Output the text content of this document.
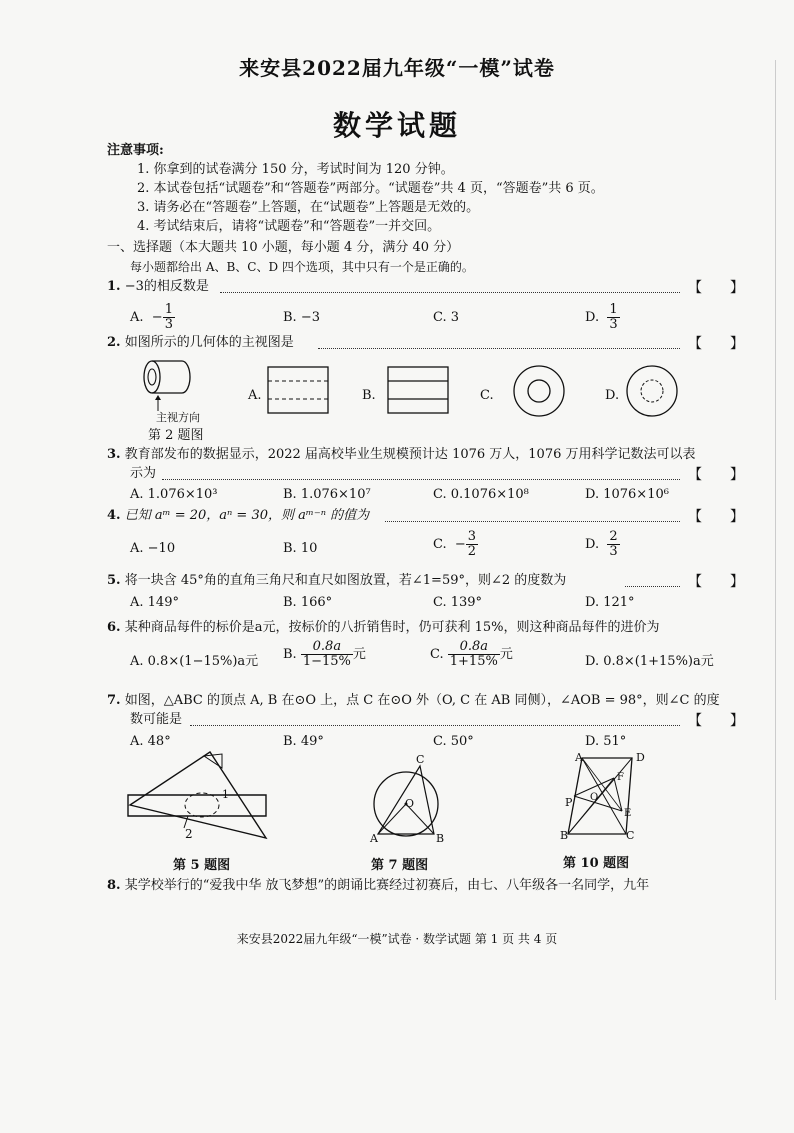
来安县2022届九年级“一模”试卷
数学试题
注意事项:
1. 你拿到的试卷满分 150 分，考试时间为 120 分钟。
2. 本试卷包括“试题卷”和“答题卷”两部分。“试题卷”共 4 页，“答题卷”共 6 页。
3. 请务必在“答题卷”上答题，在“试题卷”上答题是无效的。
4. 考试结束后，请将“试题卷”和“答题卷”一并交回。
一、选择题（本大题共 10 小题，每小题 4 分，满分 40 分）
每小题都给出 A、B、C、D 四个选项，其中只有一个是正确的。
1. −3的相反数是	【 】
A. − $\frac{1}{3}$	B. −3	C. 3	D. $\frac{1}{3}$
2. 如图所示的几何体的主视图是	【 】
主视方向
第 2 题图
A.	B.	C.	D.
3. 教育部发布的数据显示，2022 届高校毕业生规模预计达 1076 万人，1076 万用科学记数法可以表
示为	【 】
A. 1.076×10³	B. 1.076×10⁷	C. 0.1076×10⁸	D. 1076×10⁶
4. 已知 aᵐ = 20，aⁿ = 30，则 aᵐ⁻ⁿ 的值为	【 】
A. −10	B. 10	C. − $\frac{3}{2}$	D. $\frac{2}{3}$
5. 将一块含 45°角的直角三角尺和直尺如图放置，若∠1=59°，则∠2 的度数为	【 】
A. 149°	B. 166°	C. 139°	D. 121°
6. 某种商品每件的标价是a元，按标价的八折销售时，仍可获利 15%，则这种商品每件的进价为
A. 0.8×(1−15%)a元 B. $\frac{0.8a}{1-15\%}$ 元	C. $\frac{0.8a}{1+15\%}$ 元	D. 0.8×(1+15%)a元
7. 如图，△ABC 的顶点 A, B 在⊙O 上，点 C 在⊙O 外（O, C 在 AB 同侧），∠AOB = 98°，则∠C 的度
数可能是	【 】
A. 48°	B. 49°	C. 50°	D. 51°
1
2
第 5 题图
C
O
A	B
第 7 题图
A	D
F
O
P
E
B	C
第 10 题图
8. 某学校举行的“爱我中华 放飞梦想”的朗诵比赛经过初赛后，由七、八年级各一名同学，九年
来安县2022届九年级“一模”试卷 · 数学试题 第 1 页 共 4 页
